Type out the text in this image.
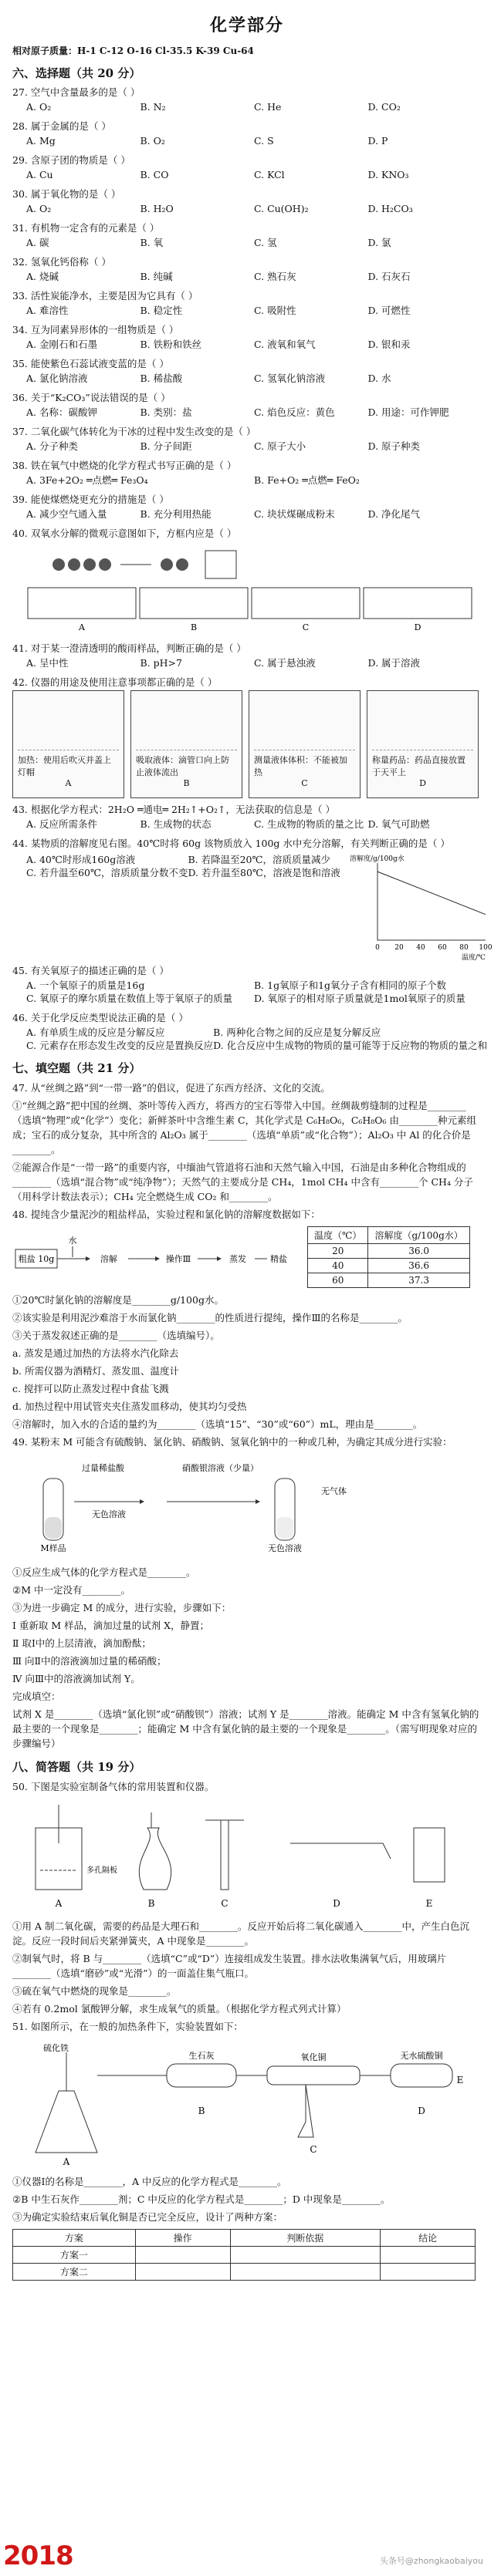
化学部分
相对原子质量：H-1 C-12 O-16 Cl-35.5 K-39 Cu-64
六、选择题（共 20 分）
27. 空气中含量最多的是（ ）
A. O₂	B. N₂	C. He	D. CO₂
28. 属于金属的是（ ）
A. Mg	B. O₂	C. S	D. P
29. 含原子团的物质是（ ）
A. Cu	B. CO	C. KCl	D. KNO₃
30. 属于氧化物的是（ ）
A. O₂	B. H₂O	C. Cu(OH)₂	D. H₂CO₃
31. 有机物一定含有的元素是（ ）
A. 碳	B. 氧	C. 氢	D. 氯
32. 氢氧化钙俗称（ ）
A. 烧碱	B. 纯碱	C. 熟石灰	D. 石灰石
33. 活性炭能净水，主要是因为它具有（ ）
A. 难溶性	B. 稳定性	C. 吸附性	D. 可燃性
34. 互为同素异形体的一组物质是（ ）
A. 金刚石和石墨	B. 铁粉和铁丝	C. 液氧和氧气	D. 银和汞
35. 能使紫色石蕊试液变蓝的是（ ）
A. 氯化钠溶液	B. 稀盐酸	C. 氢氧化钠溶液	D. 水
36. 关于“K₂CO₃”说法错误的是（ ）
A. 名称：碳酸钾	B. 类别：盐	C. 焰色反应：黄色	D. 用途：可作钾肥
37. 二氧化碳气体转化为干冰的过程中发生改变的是（ ）
A. 分子种类	B. 分子间距	C. 原子大小	D. 原子种类
38. 铁在氧气中燃烧的化学方程式书写正确的是（ ）
A. 3Fe+2O₂ ═点燃═ Fe₃O₄	B. Fe+O₂ ═点燃═ FeO₂
39. 能使煤燃烧更充分的措施是（ ）
A. 减少空气通入量	B. 充分利用热能	C. 块状煤碾成粉末	D. 净化尾气
40. 双氧水分解的微观示意图如下，方框内应是（ ）
A	B	C	D
41. 对于某一澄清透明的酸雨样品，判断正确的是（ ）
A. 呈中性	B. pH>7	C. 属于悬浊液	D. 属于溶液
42. 仪器的用途及使用注意事项都正确的是（ ）
加热：使用后吹灭并盖上灯帽
A
吸取液体：滴管口向上防止液体流出
B
测量液体体积：不能被加热
C
称量药品：药品直接放置于天平上
D
43. 根据化学方程式：2H₂O ═通电═ 2H₂↑+O₂↑，无法获取的信息是（ ）
A. 反应所需条件	B. 生成物的状态	C. 生成物的物质的量之比 D. 氧气可助燃
44. 某物质的溶解度见右图。40℃时将 60g 该物质放入 100g 水中充分溶解，有关判断正确的是（ ）
A. 40℃时形成160g溶液	B. 若降温至20℃，溶质质量减少
C. 若升温至60℃，溶质质量分数不变 D. 若升温至80℃，溶液是饱和溶液
0 20 40 60 80 100
溶解度/g/100g水
温度/℃
45. 有关氧原子的描述正确的是（ ）
A. 一个氧原子的质量是16g	B. 1g氧原子和1g氧分子含有相同的原子个数
C. 氧原子的摩尔质量在数值上等于氧原子的质量	D. 氧原子的相对原子质量就是1mol氧原子的质量
46. 关于化学反应类型说法正确的是（ ）
A. 有单质生成的反应是分解反应	B. 两种化合物之间的反应是复分解反应
C. 元素存在形态发生改变的反应是置换反应 D. 化合反应中生成物的物质的量可能等于反应物的物质的量之和
七、填空题（共 21 分）
47. 从“丝绸之路”到“一带一路”的倡议，促进了东西方经济、文化的交流。
①“丝绸之路”把中国的丝绸、茶叶等传入西方，将西方的宝石等带入中国。丝绸裁剪缝制的过程是________（选填“物理”或“化学”）变化；新鲜茶叶中含维生素 C，其化学式是 C₆H₈O₆，C₆H₈O₆ 由________种元素组成；宝石的成分复杂，其中所含的 Al₂O₃ 属于________（选填“单质”或“化合物”）；Al₂O₃ 中 Al 的化合价是________。
②能源合作是“一带一路”的重要内容，中缅油气管道将石油和天然气输入中国，石油是由多种化合物组成的________（选填“混合物”或“纯净物”）；天然气的主要成分是 CH₄，1mol CH₄ 中含有________个 CH₄ 分子（用科学计数法表示）；CH₄ 完全燃烧生成 CO₂ 和________。
48. 提纯含少量泥沙的粗盐样品，实验过程和氯化钠的溶解度数据如下：
粗盐 10g
水
溶解	操作Ⅲ	蒸发	精盐
温度（℃）	溶解度（g/100g水）
20	36.0
40	36.6
60	37.3
①20℃时氯化钠的溶解度是________g/100g水。
②该实验是利用泥沙难溶于水而氯化钠________的性质进行提纯，操作Ⅲ的名称是________。
③关于蒸发叙述正确的是________（选填编号）。
a. 蒸发是通过加热的方法将水汽化除去
b. 所需仪器为酒精灯、蒸发皿、温度计
c. 搅拌可以防止蒸发过程中食盐飞溅
d. 加热过程中用试管夹夹住蒸发皿移动，使其均匀受热
④溶解时，加入水的合适的量约为________（选填“15”、“30”或“60”）mL，理由是________。
49. 某粉末 M 可能含有硫酸钠、氯化钠、硝酸钠、氢氧化钠中的一种或几种，为确定其成分进行实验：
M样品
过量稀盐酸
无色溶液
硝酸银溶液（少量）
无色溶液
无气体
①反应生成气体的化学方程式是________。
②M 中一定没有________。
③为进一步确定 M 的成分，进行实验，步骤如下：
Ⅰ 重新取 M 样品，滴加过量的试剂 X，静置；
Ⅱ 取Ⅰ中的上层清液，滴加酚酞；
Ⅲ 向Ⅱ中的溶液滴加过量的稀硝酸；
Ⅳ 向Ⅲ中的溶液滴加试剂 Y。
完成填空：
试剂 X 是________（选填“氯化钡”或“硝酸钡”）溶液；试剂 Y 是________溶液。能确定 M 中含有氢氧化钠的最主要的一个现象是________；能确定 M 中含有氯化钠的最主要的一个现象是________。（需写明现象对应的步骤编号）
八、简答题（共 19 分）
50. 下图是实验室制备气体的常用装置和仪器。
多孔隔板
A	B	C	D	E
①用 A 制二氧化碳，需要的药品是大理石和________。反应开始后将二氧化碳通入________中，产生白色沉淀。反应一段时间后夹紧弹簧夹，A 中现象是________。
②制氧气时，将 B 与________（选填“C”或“D”）连接组成发生装置。排水法收集满氧气后，用玻璃片________（选填“磨砂”或“光滑”）的一面盖住集气瓶口。
③硫在氧气中燃烧的现象是________。
④若有 0.2mol 氯酸钾分解，求生成氧气的质量。（根据化学方程式列式计算）
51. 如图所示，在一般的加热条件下，实验装置如下：
硫化铁
生石灰	氧化铜	无水硫酸铜
A
B
C
D
E
①仪器Ⅰ的名称是________，A 中反应的化学方程式是________。
②B 中生石灰作________剂；C 中反应的化学方程式是________；D 中现象是________。
③为确定实验结束后氧化铜是否已完全反应，设计了两种方案：
方案	操作	判断依据	结论
方案一			
方案二			
2018	头条号@zhongkaobaiyou
